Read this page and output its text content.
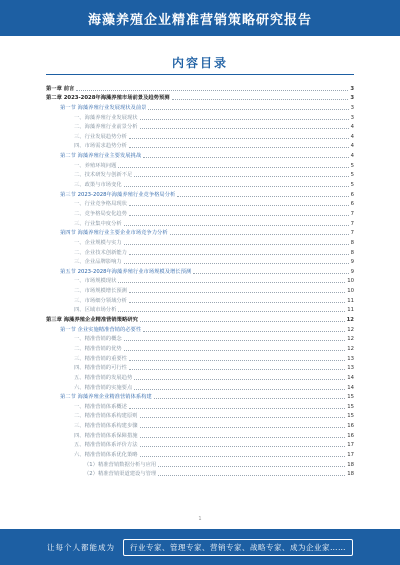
海藻养殖企业精准营销策略研究报告
内容目录
第一章 前言	3
第二章 2023-2028年海藻养殖市场前景及趋势预测	3
第一节 海藻养殖行业发展现状及前景	3
一、海藻养殖行业发展现状	3
二、海藻养殖行业前景分析	4
三、行业发展趋势分析	4
四、市场需求趋势分析	4
第二节 海藻养殖行业主要发展挑战	4
一、养殖环境问题	5
二、技术研发与创新不足	5
三、政策与市场变化	5
第三节 2023-2028年海藻养殖行业竞争格局分析	6
一、行业竞争格局现状	6
二、竞争格局变化趋势	7
三、行业集中度分析	7
第四节 海藻养殖行业主要企业市场竞争力分析	7
一、企业规模与实力	8
二、企业技术创新能力	8
三、企业品牌影响力	9
第五节 2023-2028年海藻养殖行业市场规模及增长预测	9
一、市场规模现状	10
二、市场规模增长预测	10
三、市场细分领域分析	11
四、区域市场分析	11
第三章 海藻养殖企业精准营销策略研究	12
第一节 企业实施精准营销的必要性	12
一、精准营销的概念	12
二、精准营销的优势	12
三、精准营销的重要性	13
四、精准营销的可行性	13
五、精准营销的发展趋势	14
六、精准营销的实施要点	14
第二节 海藻养殖企业精准营销体系构建	15
一、精准营销体系概述	15
二、精准营销体系构建原则	15
三、精准营销体系构建步骤	16
四、精准营销体系保障措施	16
五、精准营销体系评价方法	17
六、精准营销体系优化策略	17
（1）精准营销数据分析与应用	18
（2）精准营销渠道建设与管理	18
1
让每个人都能成为	行业专家、管理专家、营销专家、战略专家、成为企业家……
